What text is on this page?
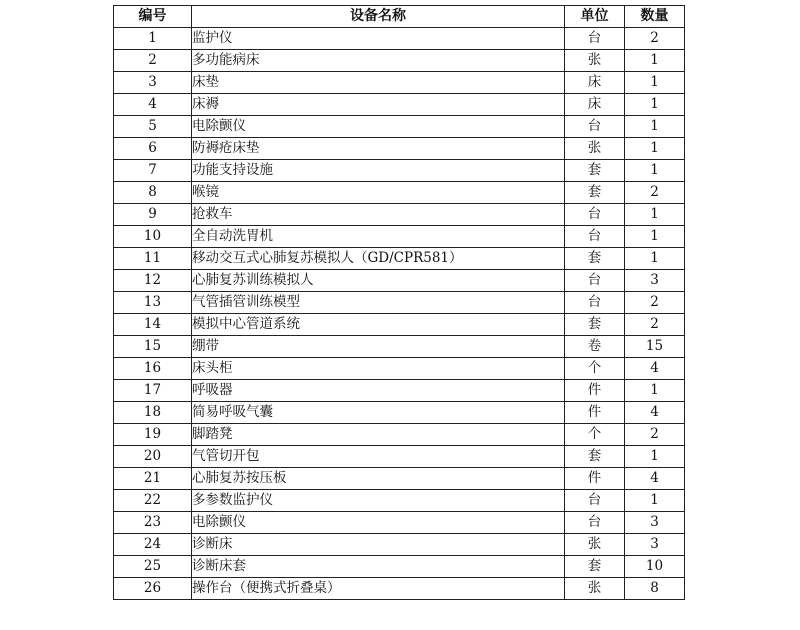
编号	设备名称	单位	数量
1	监护仪	台	2
2	多功能病床	张	1
3	床垫	床	1
4	床褥	床	1
5	电除颤仪	台	1
6	防褥疮床垫	张	1
7	功能支持设施	套	1
8	喉镜	套	2
9	抢救车	台	1
10	全自动洗胃机	台	1
11	移动交互式心肺复苏模拟人（GD/CPR581）	套	1
12	心肺复苏训练模拟人	台	3
13	气管插管训练模型	台	2
14	模拟中心管道系统	套	2
15	绷带	卷	15
16	床头柜	个	4
17	呼吸器	件	1
18	简易呼吸气囊	件	4
19	脚踏凳	个	2
20	气管切开包	套	1
21	心肺复苏按压板	件	4
22	多参数监护仪	台	1
23	电除颤仪	台	3
24	诊断床	张	3
25	诊断床套	套	10
26	操作台（便携式折叠桌）	张	8
